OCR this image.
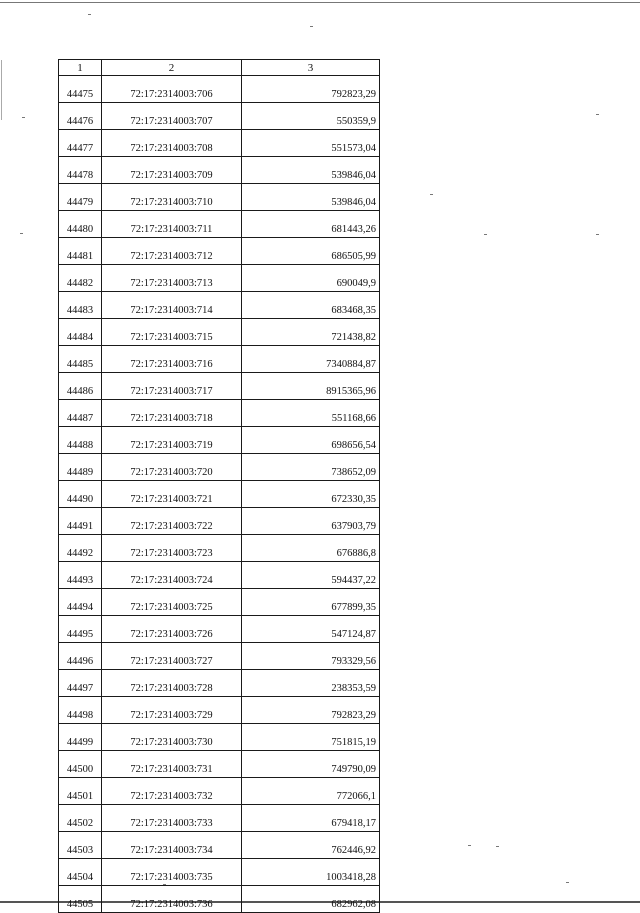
1	2	3
44475	72:17:2314003:706	792823,29
44476	72:17:2314003:707	550359,9
44477	72:17:2314003:708	551573,04
44478	72:17:2314003:709	539846,04
44479	72:17:2314003:710	539846,04
44480	72:17:2314003:711	681443,26
44481	72:17:2314003:712	686505,99
44482	72:17:2314003:713	690049,9
44483	72:17:2314003:714	683468,35
44484	72:17:2314003:715	721438,82
44485	72:17:2314003:716	7340884,87
44486	72:17:2314003:717	8915365,96
44487	72:17:2314003:718	551168,66
44488	72:17:2314003:719	698656,54
44489	72:17:2314003:720	738652,09
44490	72:17:2314003:721	672330,35
44491	72:17:2314003:722	637903,79
44492	72:17:2314003:723	676886,8
44493	72:17:2314003:724	594437,22
44494	72:17:2314003:725	677899,35
44495	72:17:2314003:726	547124,87
44496	72:17:2314003:727	793329,56
44497	72:17:2314003:728	238353,59
44498	72:17:2314003:729	792823,29
44499	72:17:2314003:730	751815,19
44500	72:17:2314003:731	749790,09
44501	72:17:2314003:732	772066,1
44502	72:17:2314003:733	679418,17
44503	72:17:2314003:734	762446,92
44504	72:17:2314003:735	1003418,28
44505	72:17:2314003:736	682962,08
